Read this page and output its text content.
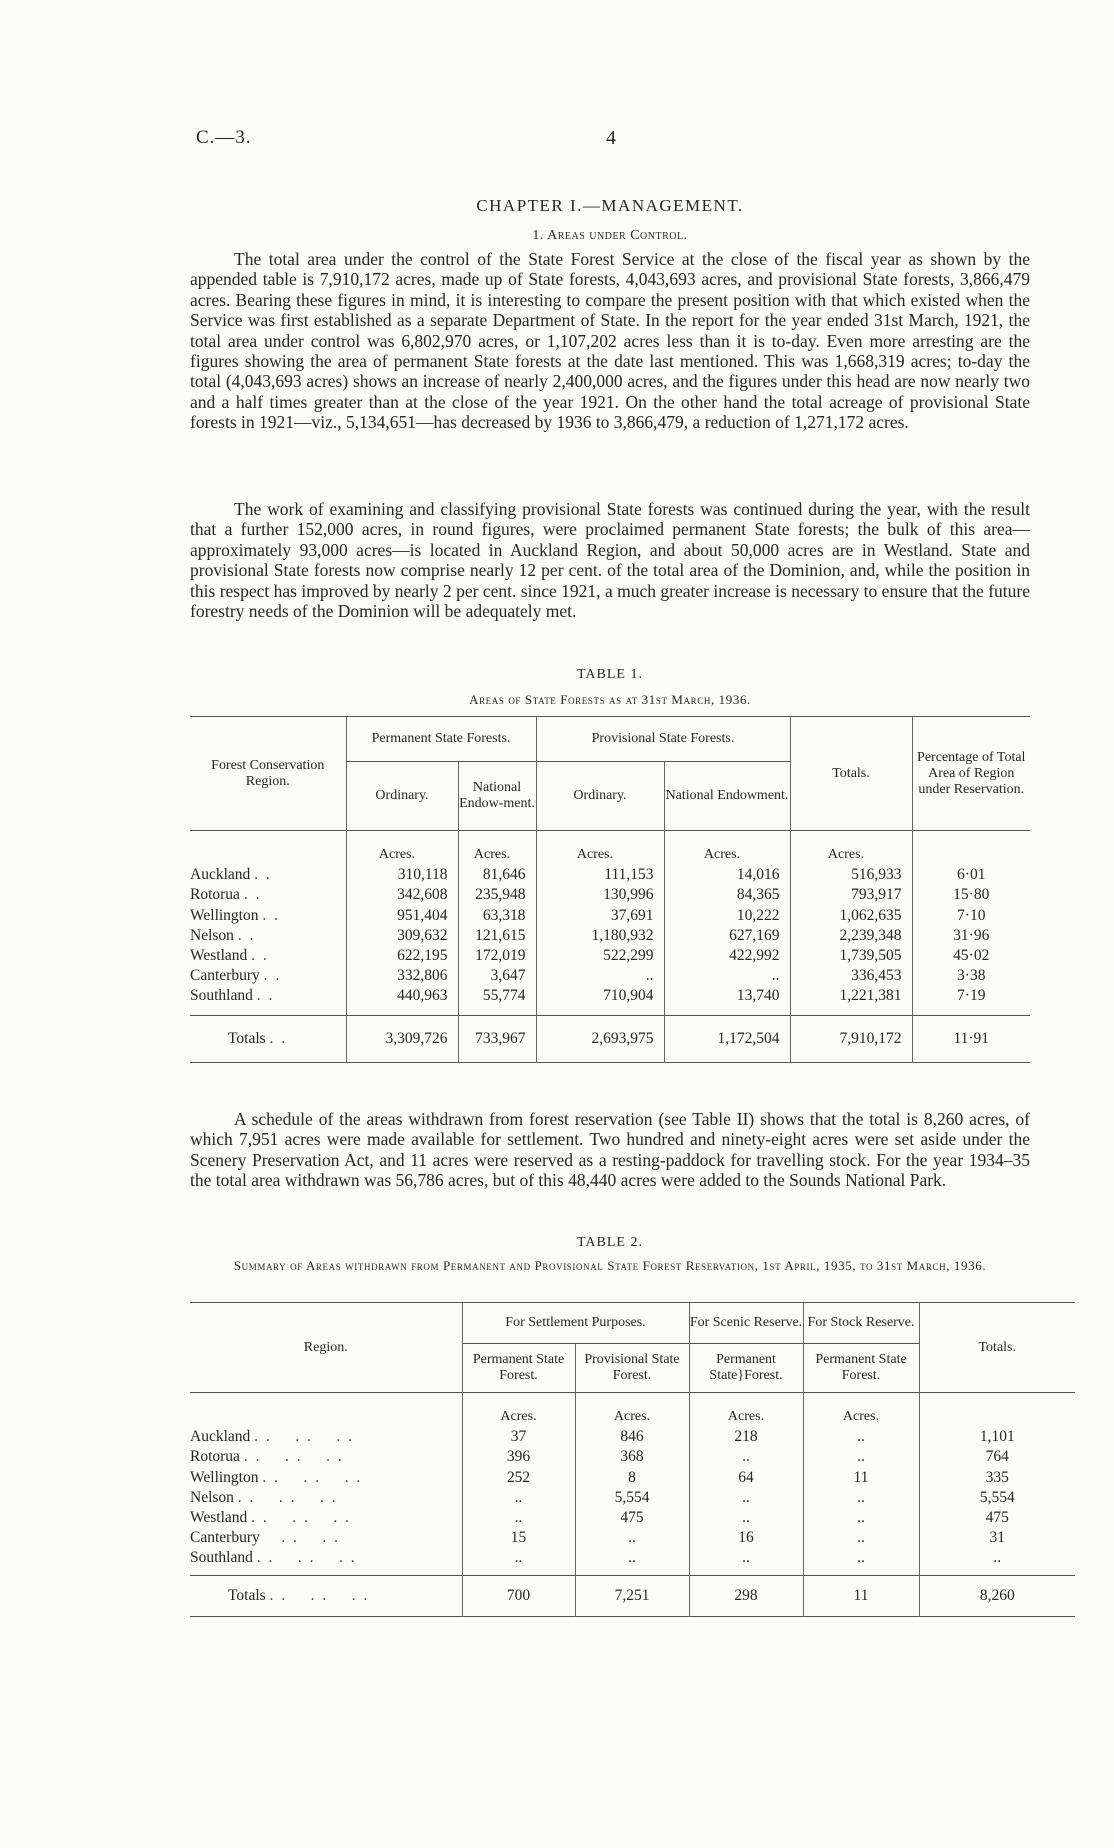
C.—3.	4
CHAPTER I.—MANAGEMENT.
1. Areas under Control.

The total area under the control of the State Forest Service at the close of the fiscal year as shown by the appended table is 7,910,172 acres, made up of State forests, 4,043,693 acres, and provisional State forests, 3,866,479 acres. Bearing these figures in mind, it is interesting to compare the present position with that which existed when the Service was first established as a separate Department of State. In the report for the year ended 31st March, 1921, the total area under control was 6,802,970 acres, or 1,107,202 acres less than it is to-day. Even more arresting are the figures showing the area of permanent State forests at the date last mentioned. This was 1,668,319 acres; to-day the total (4,043,693 acres) shows an increase of nearly 2,400,000 acres, and the figures under this head are now nearly two and a half times greater than at the close of the year 1921. On the other hand the total acreage of provisional State forests in 1921—viz., 5,134,651—has decreased by 1936 to 3,866,479, a reduction of 1,271,172 acres.

The work of examining and classifying provisional State forests was continued during the year, with the result that a further 152,000 acres, in round figures, were proclaimed permanent State forests; the bulk of this area—approximately 93,000 acres—is located in Auckland Region, and about 50,000 acres are in Westland. State and provisional State forests now comprise nearly 12 per cent. of the total area of the Dominion, and, while the position in this respect has improved by nearly 2 per cent. since 1921, a much greater increase is necessary to ensure that the future forestry needs of the Dominion will be adequately met.

TABLE 1.
Areas of State Forests as at 31st March, 1936.
Forest Conservation Region.	Permanent State Forests.		Provisional State Forests.		Totals.	Percentage of Total Area of Region under Reservation.
	Ordinary.	National Endow-ment.	Ordinary.	National Endowment.		
	Acres.	Acres.	Acres.	Acres.	Acres.	
Auckland . .	310,118	81,646	111,153	14,016	516,933	6·01
Rotorua . .	342,608	235,948	130,996	84,365	793,917	15·80
Wellington . .	951,404	63,318	37,691	10,222	1,062,635	7·10
Nelson . .	309,632	121,615	1,180,932	627,169	2,239,348	31·96
Westland . .	622,195	172,019	522,299	422,992	1,739,505	45·02
Canterbury . .	332,806	3,647	..	..	336,453	3·38
Southland . .	440,963	55,774	710,904	13,740	1,221,381	7·19

Totals . .	3,309,726	733,967	2,693,975	1,172,504	7,910,172	11·91

A schedule of the areas withdrawn from forest reservation (see Table II) shows that the total is 8,260 acres, of which 7,951 acres were made available for settlement. Two hundred and ninety-eight acres were set aside under the Scenery Preservation Act, and 11 acres were reserved as a resting-paddock for travelling stock. For the year 1934–35 the total area withdrawn was 56,786 acres, but of this 48,440 acres were added to the Sounds National Park.

TABLE 2.
Summary of Areas withdrawn from Permanent and Provisional State Forest Reservation, 1st April, 1935, to 31st March, 1936.
Region.	For Settlement Purposes.		For Scenic Reserve.	For Stock Reserve.	Totals.
	Permanent State Forest.	Provisional State Forest.	Permanent State}Forest.	Permanent State Forest.	
	Acres.	Acres.	Acres.	Acres.	
Auckland . .    . .    . .	37	846	218	..	1,101
Rotorua . .    . .    . .	396	368	..	..	764
Wellington . .    . .    . .	252	8	64	11	335
Nelson . .    . .    . .	..	5,554	..	..	5,554
Westland . .    . .    . .	..	475	..	..	475
Canterbury    . .    . .	15	..	16	..	31
Southland . .    . .    . .	..	..	..	..	..

Totals . .    . .    . .	700	7,251	298	11	8,260
